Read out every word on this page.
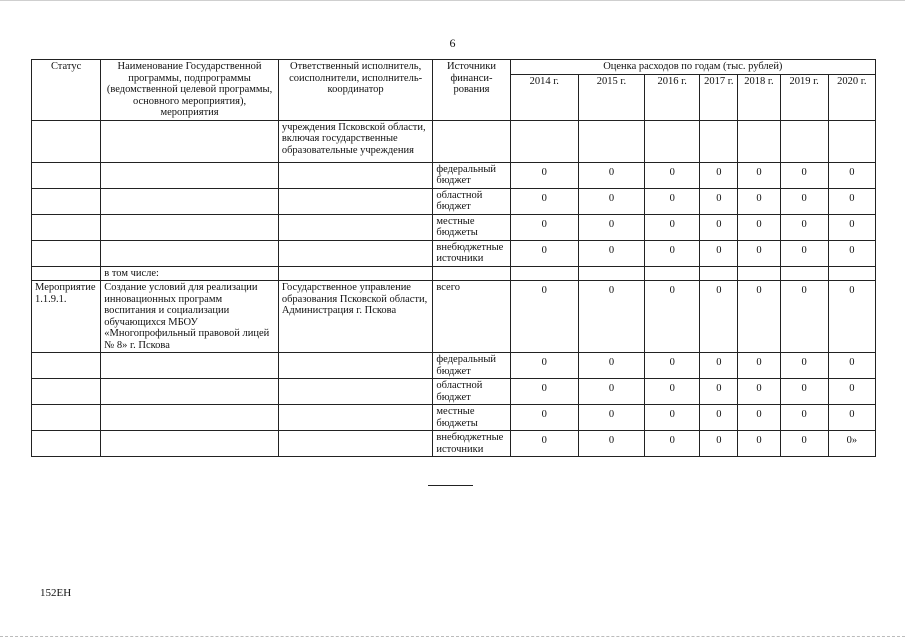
6
Статус	Наименование Государственной программы, подпрограммы (ведомственной целевой программы, основного мероприятия), мероприятия	Ответственный исполнитель, соисполнители, исполнитель-координатор	Источники финанси-рования	Оценка расходов по годам (тыс. рублей)						
				2014 г.	2015 г.	2016 г.	2017 г.	2018 г.	2019 г.	2020 г.
		учреждения Псковской области, включая государственные образовательные учреждения								
			федеральный бюджет	0	0	0	0	0	0	0
			областной бюджет	0	0	0	0	0	0	0
			местные бюджеты	0	0	0	0	0	0	0
			внебюджетные источники	0	0	0	0	0	0	0
	в том числе:									
Мероприятие 1.1.9.1.	Создание условий для реализации инновационных программ воспитания и социализации обучающихся МБОУ «Многопрофильный правовой лицей № 8» г. Пскова	Государственное управление образования Псковской области, Администрация г. Пскова	всего	0	0	0	0	0	0	0
			федеральный бюджет	0	0	0	0	0	0	0
			областной бюджет	0	0	0	0	0	0	0
			местные бюджеты	0	0	0	0	0	0	0
			внебюджетные источники	0	0	0	0	0	0	0»
152ЕН
